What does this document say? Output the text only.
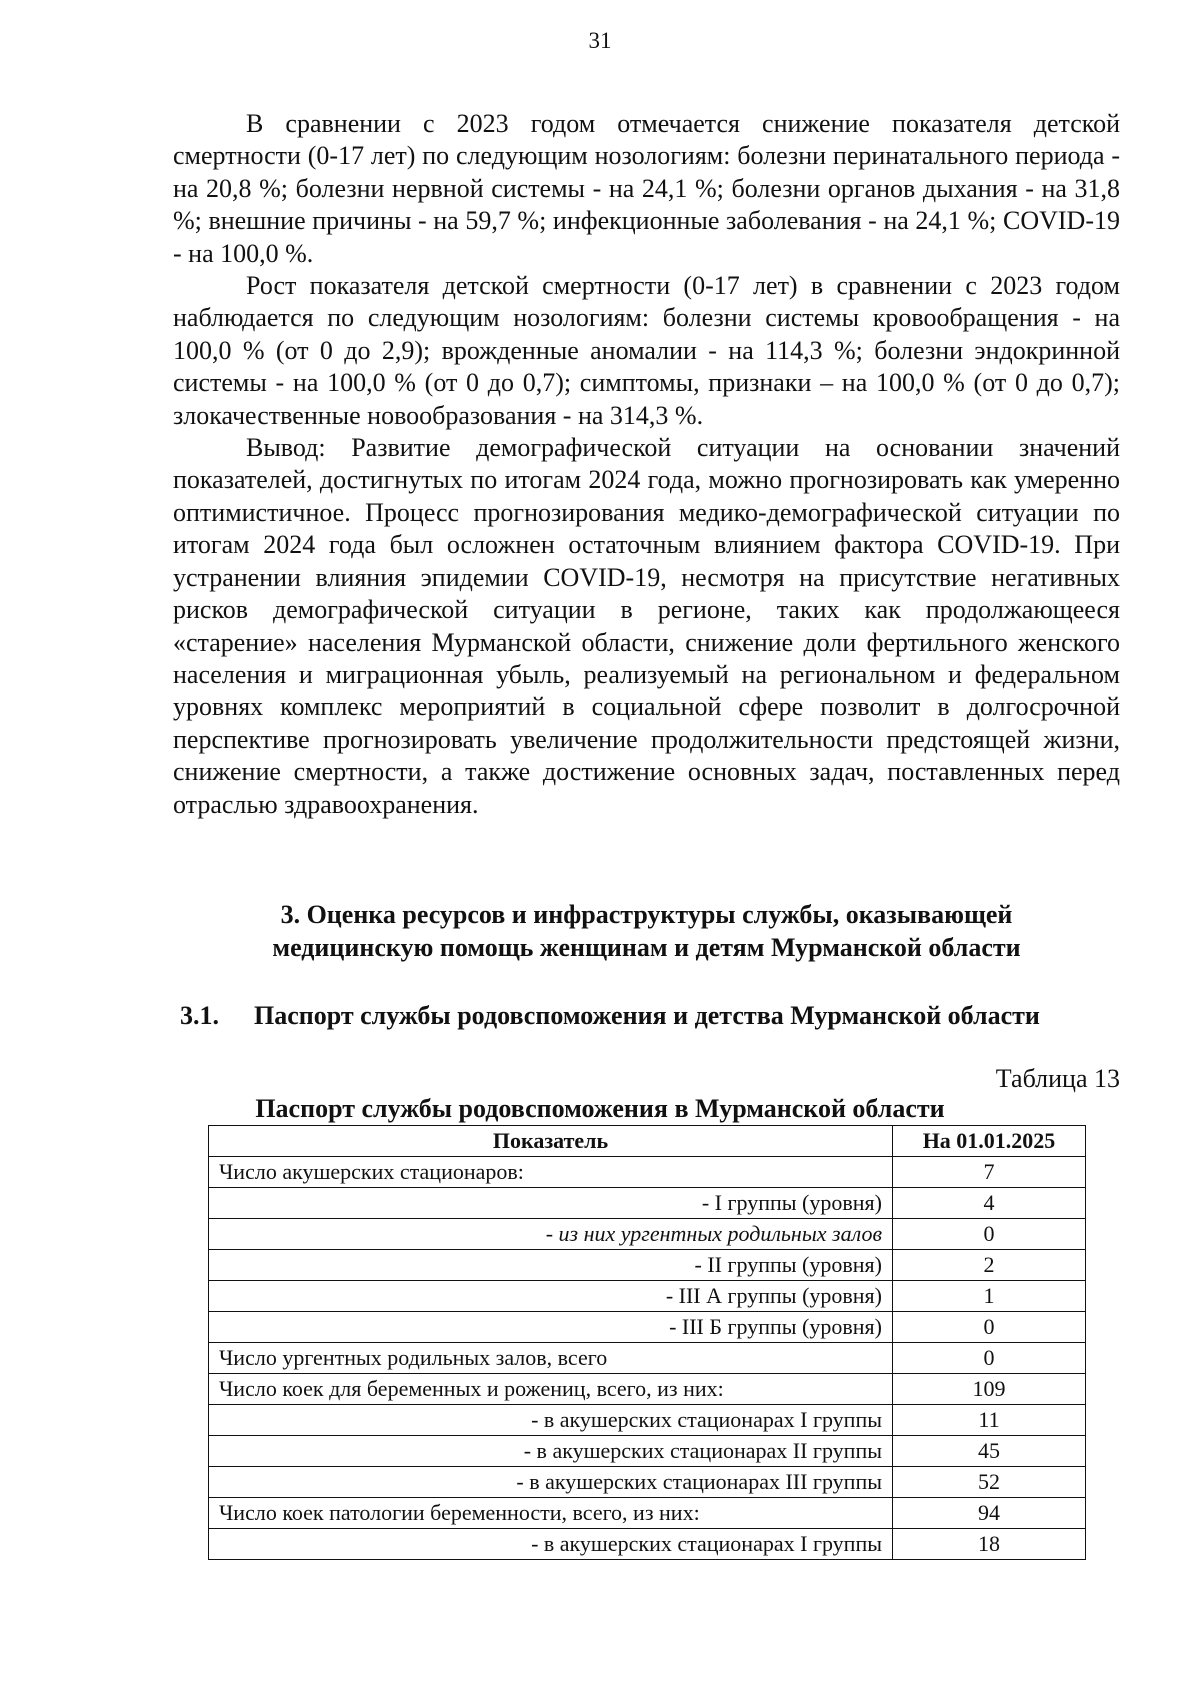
31

В сравнении с 2023 годом отмечается снижение показателя детской смертности (0-17 лет) по следующим нозологиям: болезни перинатального периода - на 20,8 %; болезни нервной системы - на 24,1 %; болезни органов дыхания - на 31,8 %; внешние причины - на 59,7 %; инфекционные заболевания - на 24,1 %; COVID-19 - на 100,0 %.

Рост показателя детской смертности (0-17 лет) в сравнении с 2023 годом наблюдается по следующим нозологиям: болезни системы кровообращения - на 100,0 % (от 0 до 2,9); врожденные аномалии - на 114,3 %; болезни эндокринной системы - на 100,0 % (от 0 до 0,7); симптомы, признаки – на 100,0 % (от 0 до 0,7); злокачественные новообразования - на 314,3 %.

Вывод: Развитие демографической ситуации на основании значений показателей, достигнутых по итогам 2024 года, можно прогнозировать как умеренно оптимистичное. Процесс прогнозирования медико-демографической ситуации по итогам 2024 года был осложнен остаточным влиянием фактора COVID-19. При устранении влияния эпидемии COVID-19, несмотря на присутствие негативных рисков демографической ситуации в регионе, таких как продолжающееся «старение» населения Мурманской области, снижение доли фертильного женского населения и миграционная убыль, реализуемый на региональном и федеральном уровнях комплекс мероприятий в социальной сфере позволит в долгосрочной перспективе прогнозировать увеличение продолжительности предстоящей жизни, снижение смертности, а также достижение основных задач, поставленных перед отраслью здравоохранения.

3. Оценка ресурсов и инфраструктуры службы, оказывающей
медицинскую помощь женщинам и детям Мурманской области
3.1. Паспорт службы родовспоможения и детства Мурманской области
Таблица 13
Паспорт службы родовспоможения в Мурманской области
Показатель	На 01.01.2025
Число акушерских стационаров:	7
- I группы (уровня)	4
- из них ургентных родильных залов	0
- II группы (уровня)	2
- III А группы (уровня)	1
- III Б группы (уровня)	0
Число ургентных родильных залов, всего	0
Число коек для беременных и рожениц, всего, из них:	109
- в акушерских стационарах I группы	11
- в акушерских стационарах II группы	45
- в акушерских стационарах III группы	52
Число коек патологии беременности, всего, из них:	94
- в акушерских стационарах I группы	18
